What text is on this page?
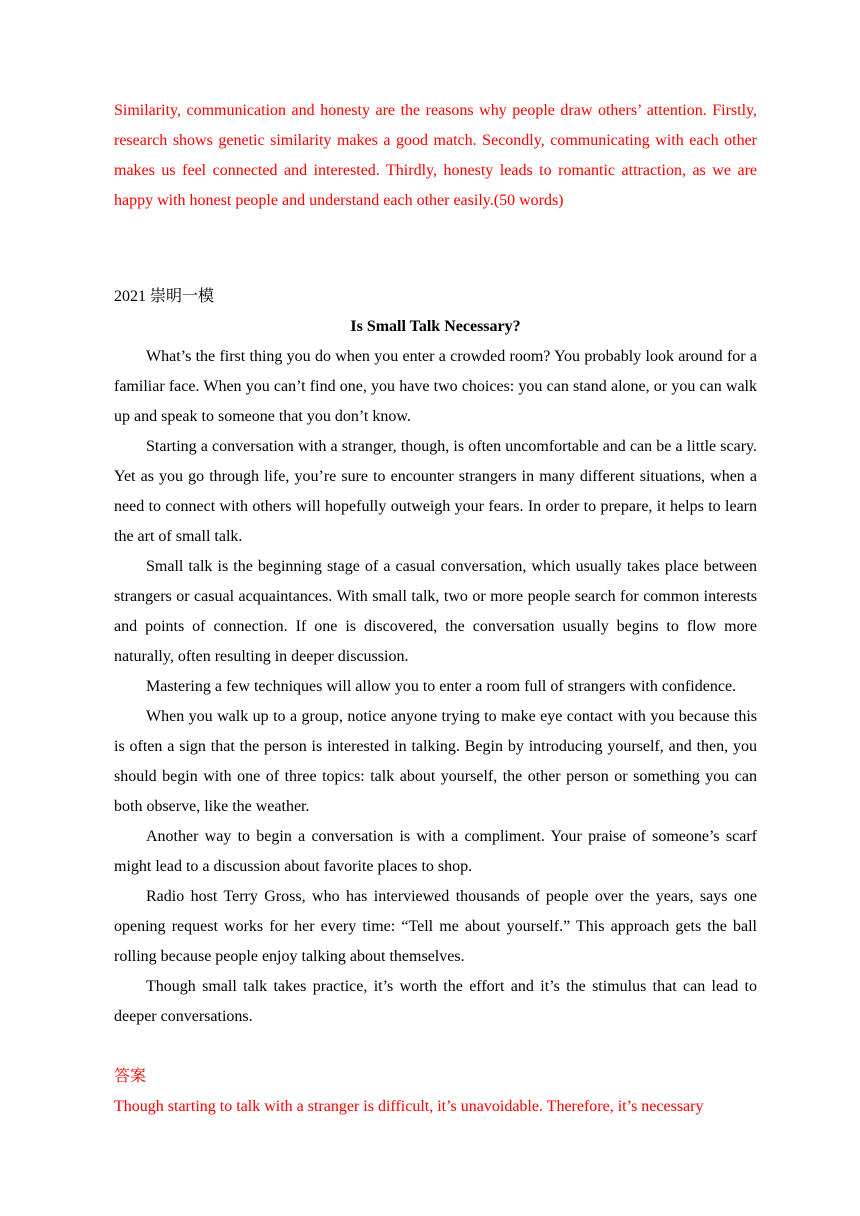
Similarity, communication and honesty are the reasons why people draw others’ attention. Firstly, research shows genetic similarity makes a good match. Secondly, communicating with each other makes us feel connected and interested. Thirdly, honesty leads to romantic attraction, as we are happy with honest people and understand each other easily.(50 words)

2021 崇明一模

Is Small Talk Necessary?

What’s the first thing you do when you enter a crowded room? You probably look around for a familiar face. When you can’t find one, you have two choices: you can stand alone, or you can walk up and speak to someone that you don’t know.

Starting a conversation with a stranger, though, is often uncomfortable and can be a little scary. Yet as you go through life, you’re sure to encounter strangers in many different situations, when a need to connect with others will hopefully outweigh your fears. In order to prepare, it helps to learn the art of small talk.

Small talk is the beginning stage of a casual conversation, which usually takes place between strangers or casual acquaintances. With small talk, two or more people search for common interests and points of connection. If one is discovered, the conversation usually begins to flow more naturally, often resulting in deeper discussion.

Mastering a few techniques will allow you to enter a room full of strangers with confidence.

When you walk up to a group, notice anyone trying to make eye contact with you because this is often a sign that the person is interested in talking. Begin by introducing yourself, and then, you should begin with one of three topics: talk about yourself, the other person or something you can both observe, like the weather.

Another way to begin a conversation is with a compliment. Your praise of someone’s scarf might lead to a discussion about favorite places to shop.

Radio host Terry Gross, who has interviewed thousands of people over the years, says one opening request works for her every time: “Tell me about yourself.” This approach gets the ball rolling because people enjoy talking about themselves.

Though small talk takes practice, it’s worth the effort and it’s the stimulus that can lead to deeper conversations.

答案

Though starting to talk with a stranger is difficult, it’s unavoidable. Therefore, it’s necessary
